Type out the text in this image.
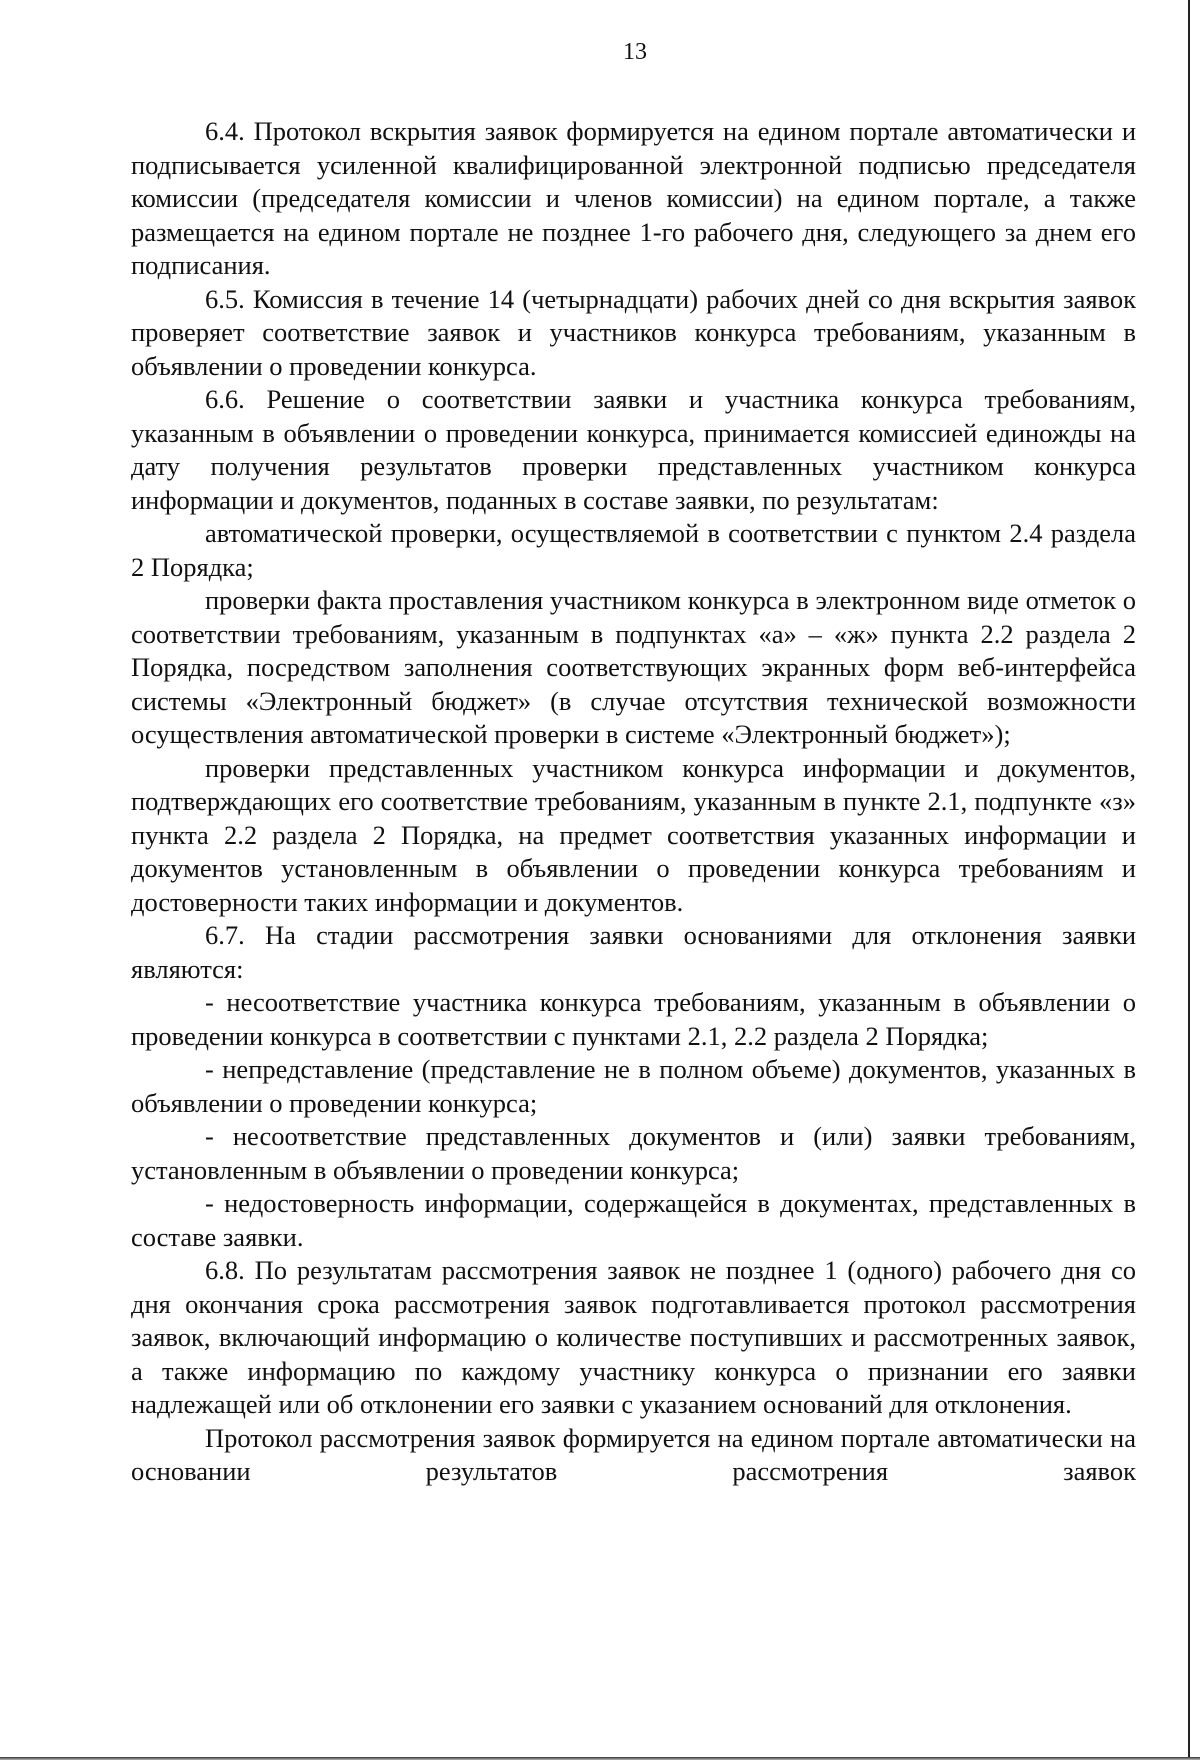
13

6.4. Протокол вскрытия заявок формируется на едином портале автоматически и подписывается усиленной квалифицированной электронной подписью председателя комиссии (председателя комиссии и членов комиссии) на едином портале, а также размещается на едином портале не позднее 1-го рабочего дня, следующего за днем его подписания.

6.5. Комиссия в течение 14 (четырнадцати) рабочих дней со дня вскрытия заявок проверяет соответствие заявок и участников конкурса требованиям, указанным в объявлении о проведении конкурса.

6.6. Решение о соответствии заявки и участника конкурса требованиям, указанным в объявлении о проведении конкурса, принимается комиссией единожды на дату получения результатов проверки представленных участником конкурса информации и документов, поданных в составе заявки, по результатам:

автоматической проверки, осуществляемой в соответствии с пунктом 2.4 раздела 2 Порядка;

проверки факта проставления участником конкурса в электронном виде отметок о соответствии требованиям, указанным в подпунктах «а» – «ж» пункта 2.2 раздела 2 Порядка, посредством заполнения соответствующих экранных форм веб-интерфейса системы «Электронный бюджет» (в случае отсутствия технической возможности осуществления автоматической проверки в системе «Электронный бюджет»);

проверки представленных участником конкурса информации и документов, подтверждающих его соответствие требованиям, указанным в пункте 2.1, подпункте «з» пункта 2.2 раздела 2 Порядка, на предмет соответствия указанных информации и документов установленным в объявлении о проведении конкурса требованиям и достоверности таких информации и документов.

6.7. На стадии рассмотрения заявки основаниями для отклонения заявки являются:

- несоответствие участника конкурса требованиям, указанным в объявлении о проведении конкурса в соответствии с пунктами 2.1, 2.2 раздела 2 Порядка;

- непредставление (представление не в полном объеме) документов, указанных в объявлении о проведении конкурса;

- несоответствие представленных документов и (или) заявки требованиям, установленным в объявлении о проведении конкурса;

- недостоверность информации, содержащейся в документах, представленных в составе заявки.

6.8. По результатам рассмотрения заявок не позднее 1 (одного) рабочего дня со дня окончания срока рассмотрения заявок подготавливается протокол рассмотрения заявок, включающий информацию о количестве поступивших и рассмотренных заявок, а также информацию по каждому участнику конкурса о признании его заявки надлежащей или об отклонении его заявки с указанием оснований для отклонения.

Протокол рассмотрения заявок формируется на едином портале автоматически на основании результатов рассмотрения заявок
